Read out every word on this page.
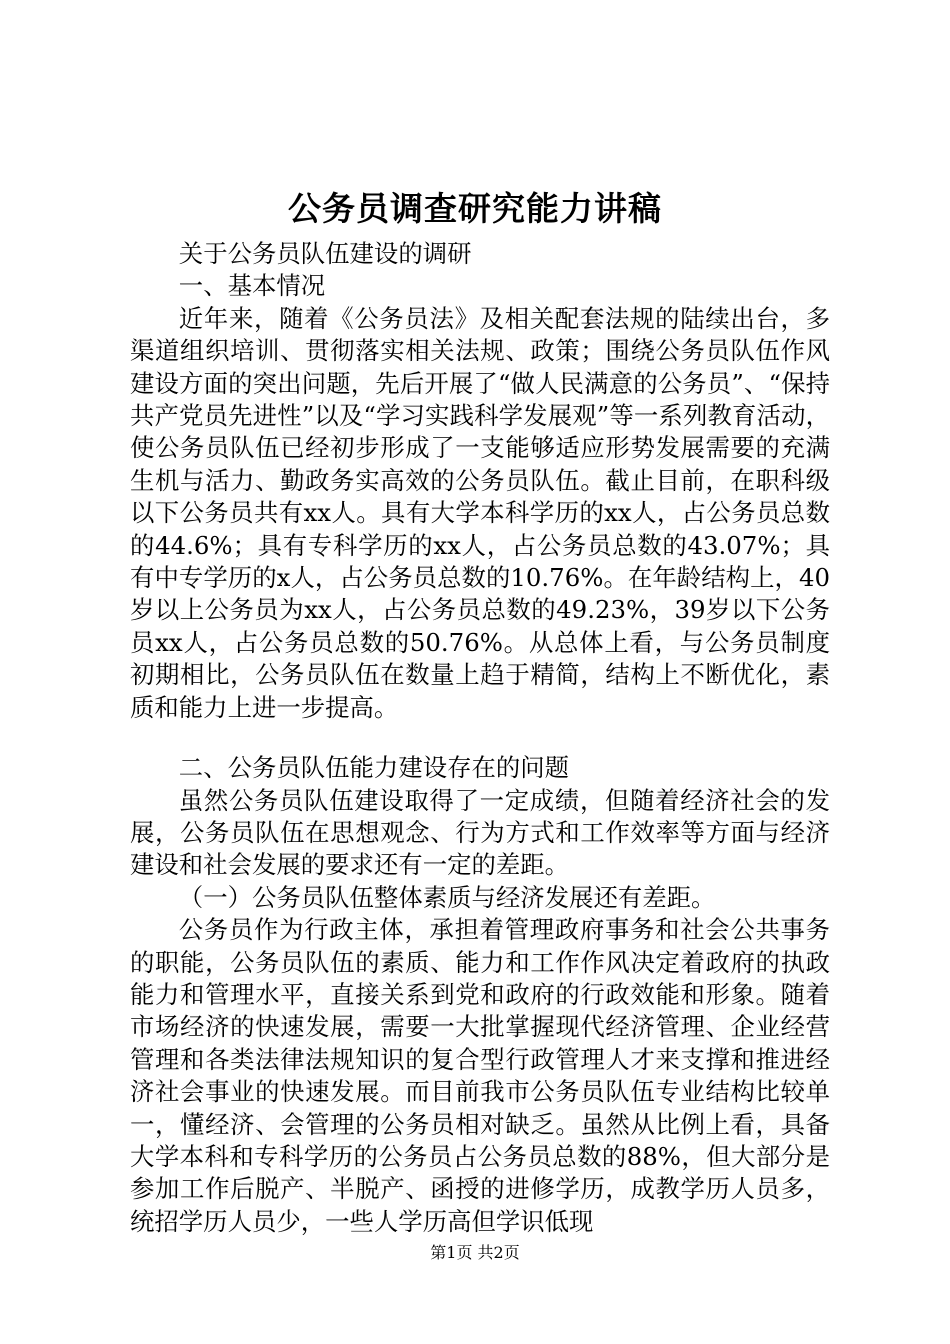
公务员调查研究能力讲稿

关于公务员队伍建设的调研

一、基本情况

近年来，随着《公务员法》及相关配套法规的陆续出台，多渠道组织培训、贯彻落实相关法规、政策；围绕公务员队伍作风建设方面的突出问题，先后开展了“做人民满意的公务员”、“保持共产党员先进性”以及“学习实践科学发展观”等一系列教育活动，使公务员队伍已经初步形成了一支能够适应形势发展需要的充满生机与活力、勤政务实高效的公务员队伍。截止目前，在职科级以下公务员共有xx人。具有大学本科学历的xx人，占公务员总数的44.6%；具有专科学历的xx人，占公务员总数的43.07%；具有中专学历的x人，占公务员总数的10.76%。在年龄结构上，40岁以上公务员为xx人，占公务员总数的49.23%，39岁以下公务员xx人，占公务员总数的50.76%。从总体上看，与公务员制度初期相比，公务员队伍在数量上趋于精简，结构上不断优化，素质和能力上进一步提高。

二、公务员队伍能力建设存在的问题

虽然公务员队伍建设取得了一定成绩，但随着经济社会的发展，公务员队伍在思想观念、行为方式和工作效率等方面与经济建设和社会发展的要求还有一定的差距。

（一）公务员队伍整体素质与经济发展还有差距。

公务员作为行政主体，承担着管理政府事务和社会公共事务的职能，公务员队伍的素质、能力和工作作风决定着政府的执政能力和管理水平，直接关系到党和政府的行政效能和形象。随着市场经济的快速发展，需要一大批掌握现代经济管理、企业经营管理和各类法律法规知识的复合型行政管理人才来支撑和推进经济社会事业的快速发展。而目前我市公务员队伍专业结构比较单一，懂经济、会管理的公务员相对缺乏。虽然从比例上看，具备大学本科和专科学历的公务员占公务员总数的88%，但大部分是参加工作后脱产、半脱产、函授的进修学历，成教学历人员多，统招学历人员少，一些人学历高但学识低现

第1页 共2页
